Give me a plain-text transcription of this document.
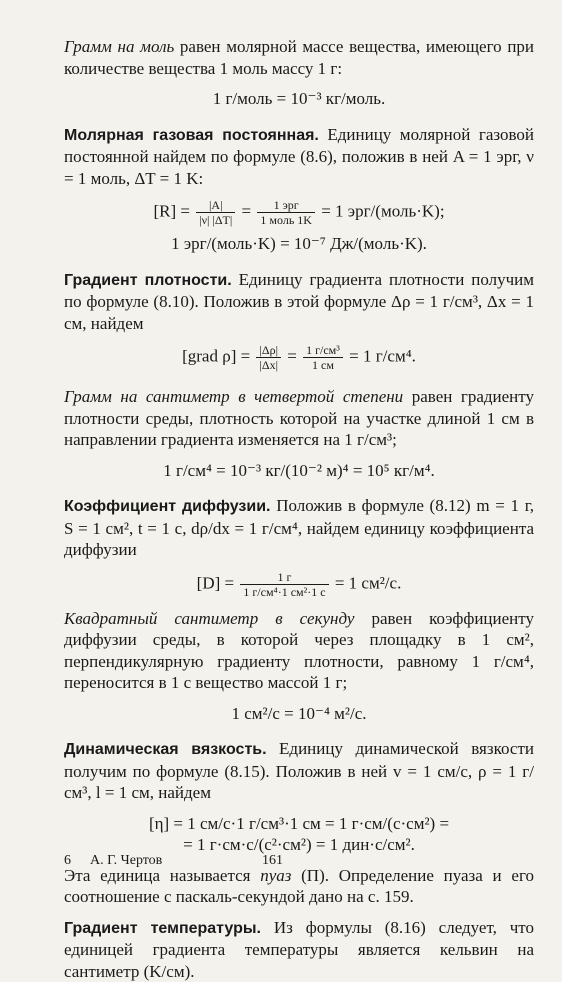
Грамм на моль равен молярной массе вещества, имеющего при количестве вещества 1 моль массу 1 г:

1 г/моль = 10⁻³ кг/моль.

Молярная газовая постоянная. Единицу молярной газовой постоянной найдем по формуле (8.6), положив в ней A = 1 эрг, ν = 1 моль, ΔT = 1 K:

$[R] = \frac{|A|}{|\nu| |\Delta T|} = \frac{\text{1 эрг}}{\text{1 моль 1K}} = 1$ эрг/(моль·K);
1 эрг/(моль·K) = 10⁻⁷ Дж/(моль·K).

Градиент плотности. Единицу градиента плотности получим по формуле (8.10). Положив в этой формуле Δρ = 1 г/см³, Δx = 1 см, найдем

[grad $\rho] = \frac{|\Delta\rho|}{|\Delta x|} = \frac{\text{1 г/см³}}{1 см} = 1$ г/см⁴.

Грамм на сантиметр в четвертой степени равен градиенту плотности среды, плотность которой на участке длиной 1 см в направлении градиента изменяется на 1 г/см³;

1 г/см⁴ = 10⁻³ кг/(10⁻² м)⁴ = 10⁵ кг/м⁴.

Коэффициент диффузии. Положив в формуле (8.12) m = 1 г, S = 1 см², t = 1 с, dρ/dx = 1 г/см⁴, найдем единицу коэффициента диффузии

$[D] = \frac{1 г}{\text{1 г/см⁴·1 см²·1 с}} = 1$ см²/с.

Квадратный сантиметр в секунду равен коэффициенту диффузии среды, в которой через площадку в 1 см², перпендикулярную градиенту плотности, равному 1 г/см⁴, переносится в 1 с вещество массой 1 г;

1 см²/с = 10⁻⁴ м²/с.

Динамическая вязкость. Единицу динамической вязкости получим по формуле (8.15). Положив в ней v = 1 см/с, ρ = 1 г/см³, l = 1 см, найдем

[η] = 1 см/с·1 г/см³·1 см = 1 г·см/(с·см²) =
= 1 г·см·с/(с²·см²) = 1 дин·с/см².

Эта единица называется пуаз (П). Определение пуаза и его соотношение с паскаль-секундой дано на с. 159.

Градиент температуры. Из формулы (8.16) следует, что единицей градиента температуры является кельвин на сантиметр (K/см).

6 А. Г. Чертов	161
